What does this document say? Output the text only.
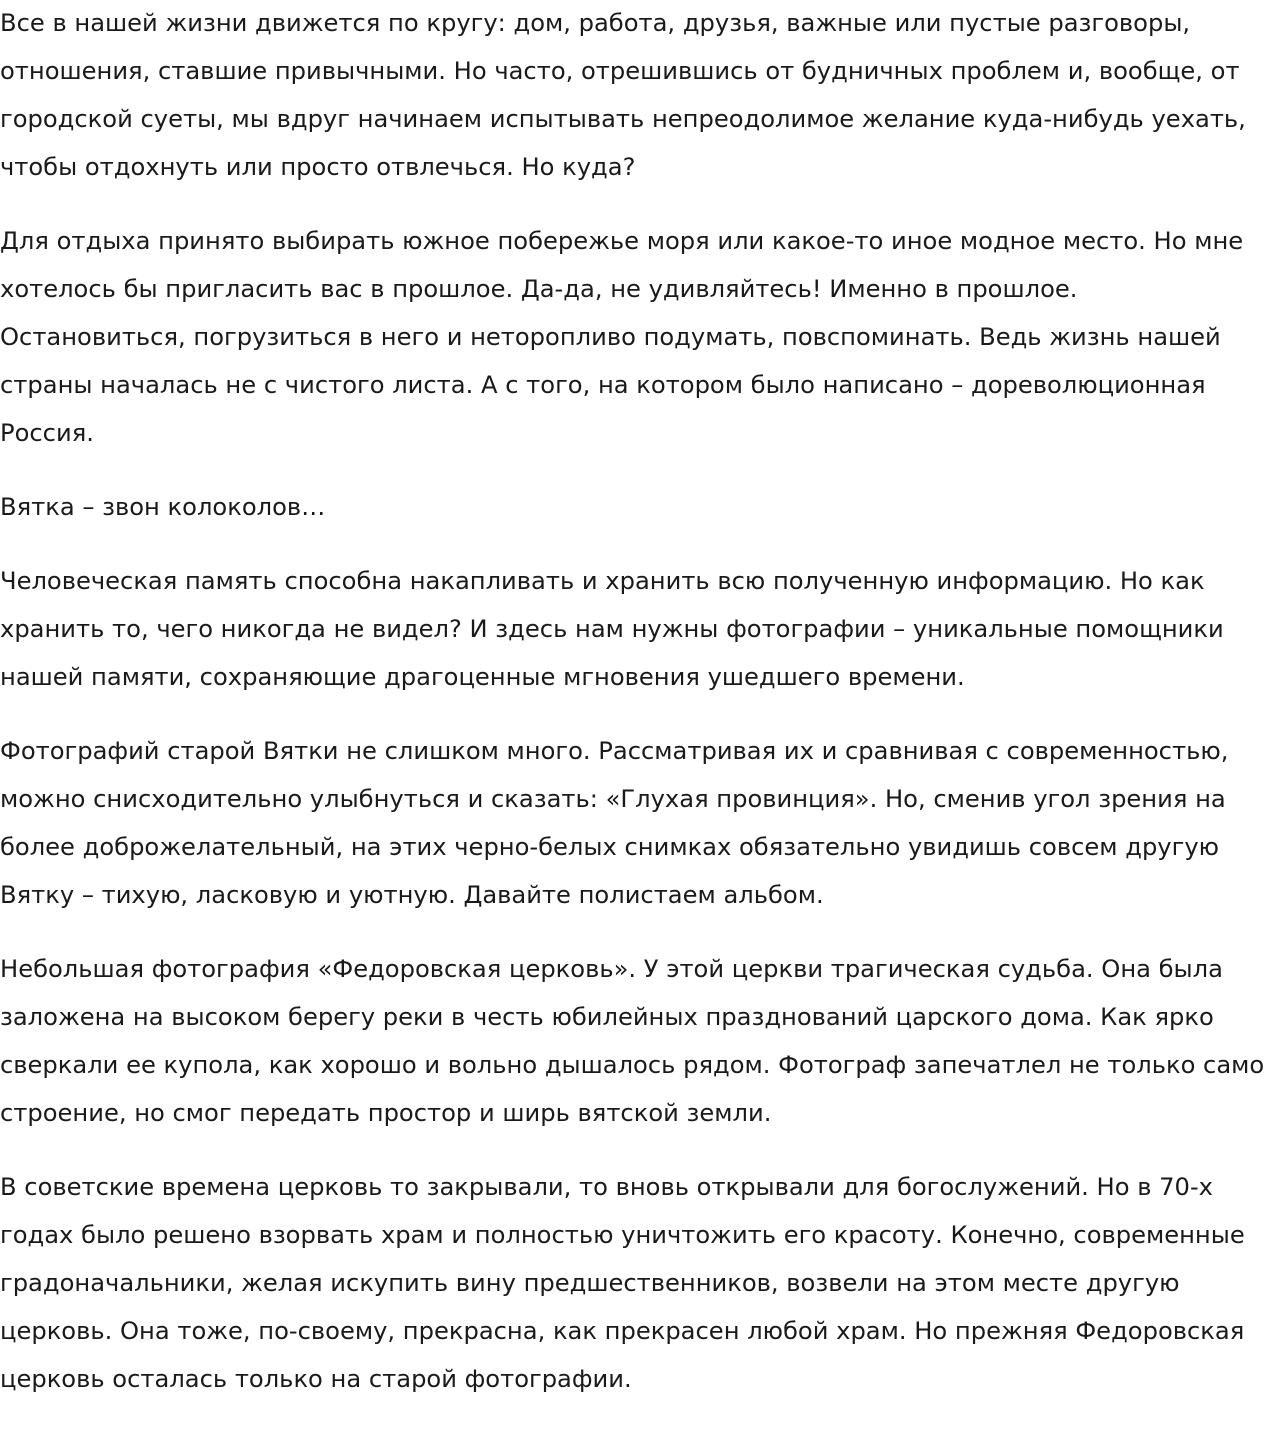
Все в нашей жизни движется по кругу: дом, работа, друзья, важные или пустые разговоры, отношения, ставшие привычными. Но часто, отрешившись от будничных проблем и, вообще, от городской суеты, мы вдруг начинаем испытывать непреодолимое желание куда-нибудь уехать, чтобы отдохнуть или просто отвлечься. Но куда?

Для отдыха принято выбирать южное побережье моря или какое-то иное модное место. Но мне хотелось бы пригласить вас в прошлое. Да-да, не удивляйтесь! Именно в прошлое. Остановиться, погрузиться в него и неторопливо подумать, повспоминать. Ведь жизнь нашей страны началась не с чистого листа. А с того, на котором было написано – дореволюционная Россия.

Вятка – звон колоколов…

Человеческая память способна накапливать и хранить всю полученную информацию. Но как хранить то, чего никогда не видел? И здесь нам нужны фотографии – уникальные помощники нашей памяти, сохраняющие драгоценные мгновения ушедшего времени.

Фотографий старой Вятки не слишком много. Рассматривая их и сравнивая с современностью, можно снисходительно улыбнуться и сказать: «Глухая провинция». Но, сменив угол зрения на более доброжелательный, на этих черно-белых снимках обязательно увидишь совсем другую Вятку – тихую, ласковую и уютную. Давайте полистаем альбом.

Небольшая фотография «Федоровская церковь». У этой церкви трагическая судьба. Она была заложена на высоком берегу реки в честь юбилейных празднований царского дома. Как ярко сверкали ее купола, как хорошо и вольно дышалось рядом. Фотограф запечатлел не только само строение, но смог передать простор и ширь вятской земли.

В советские времена церковь то закрывали, то вновь открывали для богослужений. Но в 70-х годах было решено взорвать храм и полностью уничтожить его красоту. Конечно, современные градоначальники, желая искупить вину предшественников, возвели на этом месте другую церковь. Она тоже, по-своему, прекрасна, как прекрасен любой храм. Но прежняя Федоровская церковь осталась только на старой фотографии.
